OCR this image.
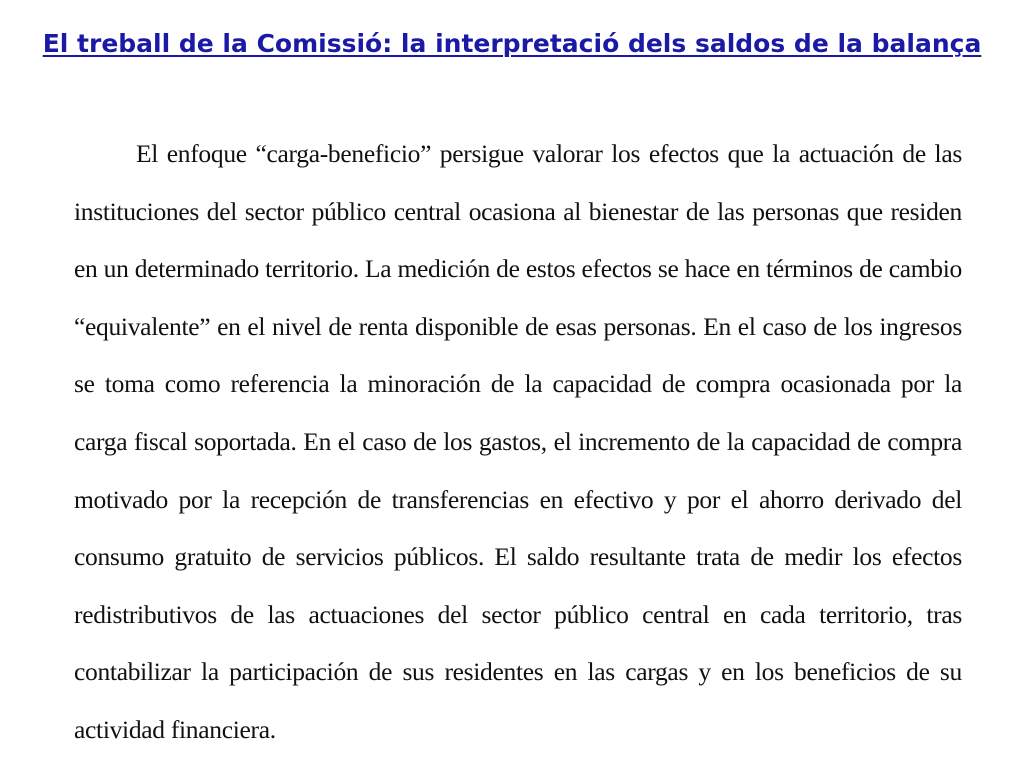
El treball de la Comissió: la interpretació dels saldos de la balança

El enfoque “carga-beneficio” persigue valorar los efectos que la actuación de las instituciones del sector público central ocasiona al bienestar de las personas que residen en un determinado territorio. La medición de estos efectos se hace en términos de cambio “equivalente” en el nivel de renta disponible de esas personas. En el caso de los ingresos se toma como referencia la minoración de la capacidad de compra ocasionada por la carga fiscal soportada. En el caso de los gastos, el incremento de la capacidad de compra motivado por la recepción de transferencias en efectivo y por el ahorro derivado del consumo gratuito de servicios públicos. El saldo resultante trata de medir los efectos redistributivos de las actuaciones del sector público central en cada territorio, tras contabilizar la participación de sus residentes en las cargas y en los beneficios de su actividad financiera.
